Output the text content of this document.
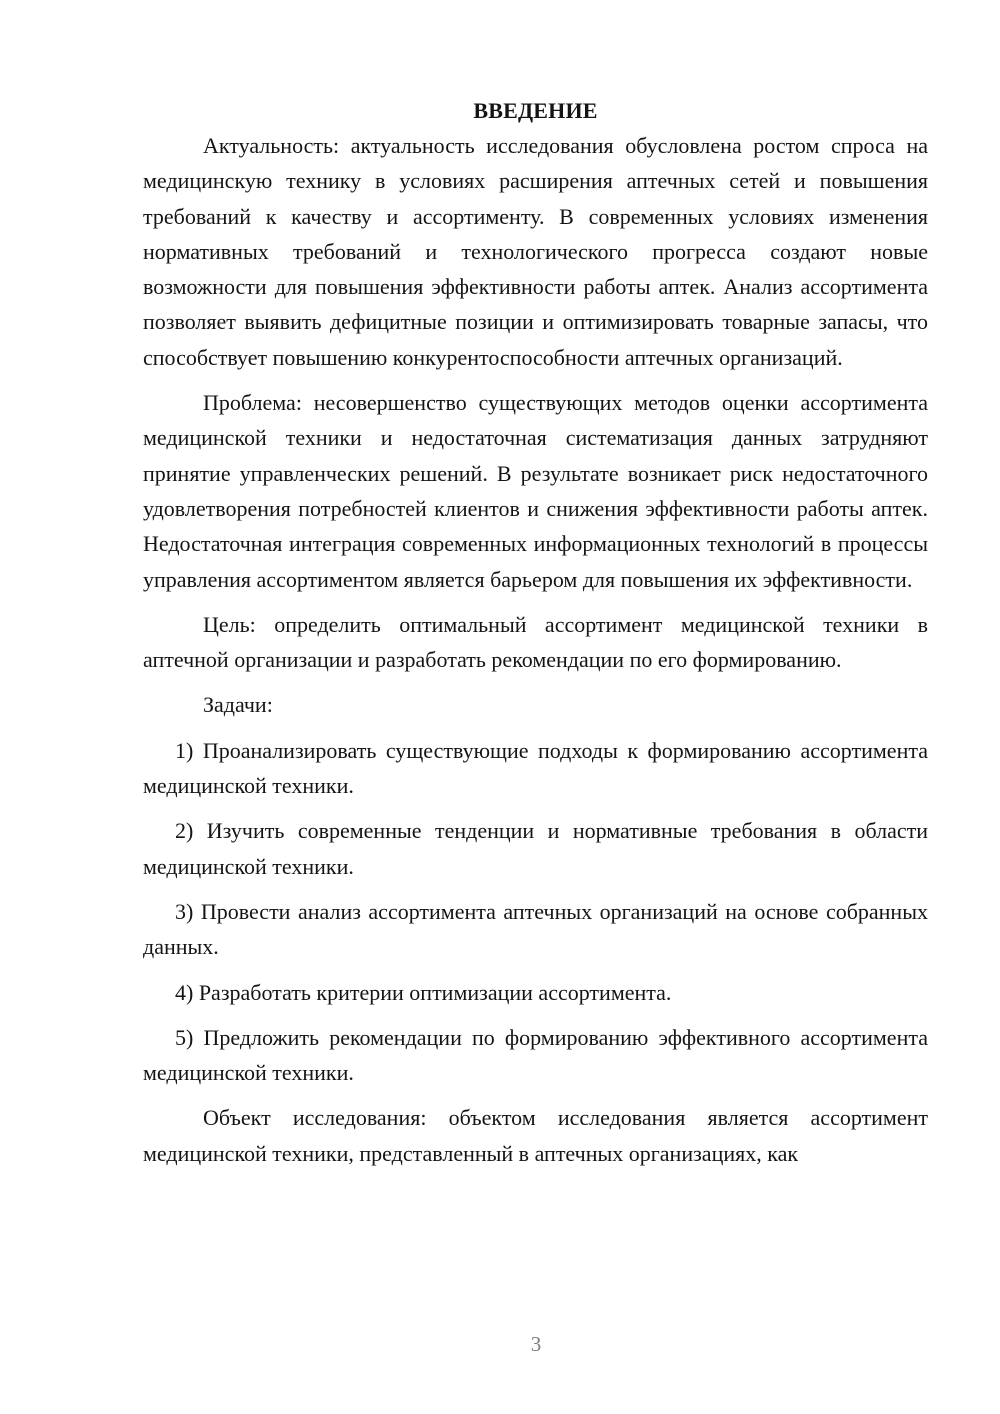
ВВЕДЕНИЕ

Актуальность: актуальность исследования обусловлена ростом спроса на медицинскую технику в условиях расширения аптечных сетей и повышения требований к качеству и ассортименту. В современных условиях изменения нормативных требований и технологического прогресса создают новые возможности для повышения эффективности работы аптек. Анализ ассортимента позволяет выявить дефицитные позиции и оптимизировать товарные запасы, что способствует повышению конкурентоспособности аптечных организаций.

Проблема: несовершенство существующих методов оценки ассортимента медицинской техники и недостаточная систематизация данных затрудняют принятие управленческих решений. В результате возникает риск недостаточного удовлетворения потребностей клиентов и снижения эффективности работы аптек. Недостаточная интеграция современных информационных технологий в процессы управления ассортиментом является барьером для повышения их эффективности.

Цель: определить оптимальный ассортимент медицинской техники в аптечной организации и разработать рекомендации по его формированию.

Задачи:

1) Проанализировать существующие подходы к формированию ассортимента медицинской техники.

2) Изучить современные тенденции и нормативные требования в области медицинской техники.

3) Провести анализ ассортимента аптечных организаций на основе собранных данных.

4) Разработать критерии оптимизации ассортимента.

5) Предложить рекомендации по формированию эффективного ассортимента медицинской техники.

Объект исследования: объектом исследования является ассортимент медицинской техники, представленный в аптечных организациях, как

3
